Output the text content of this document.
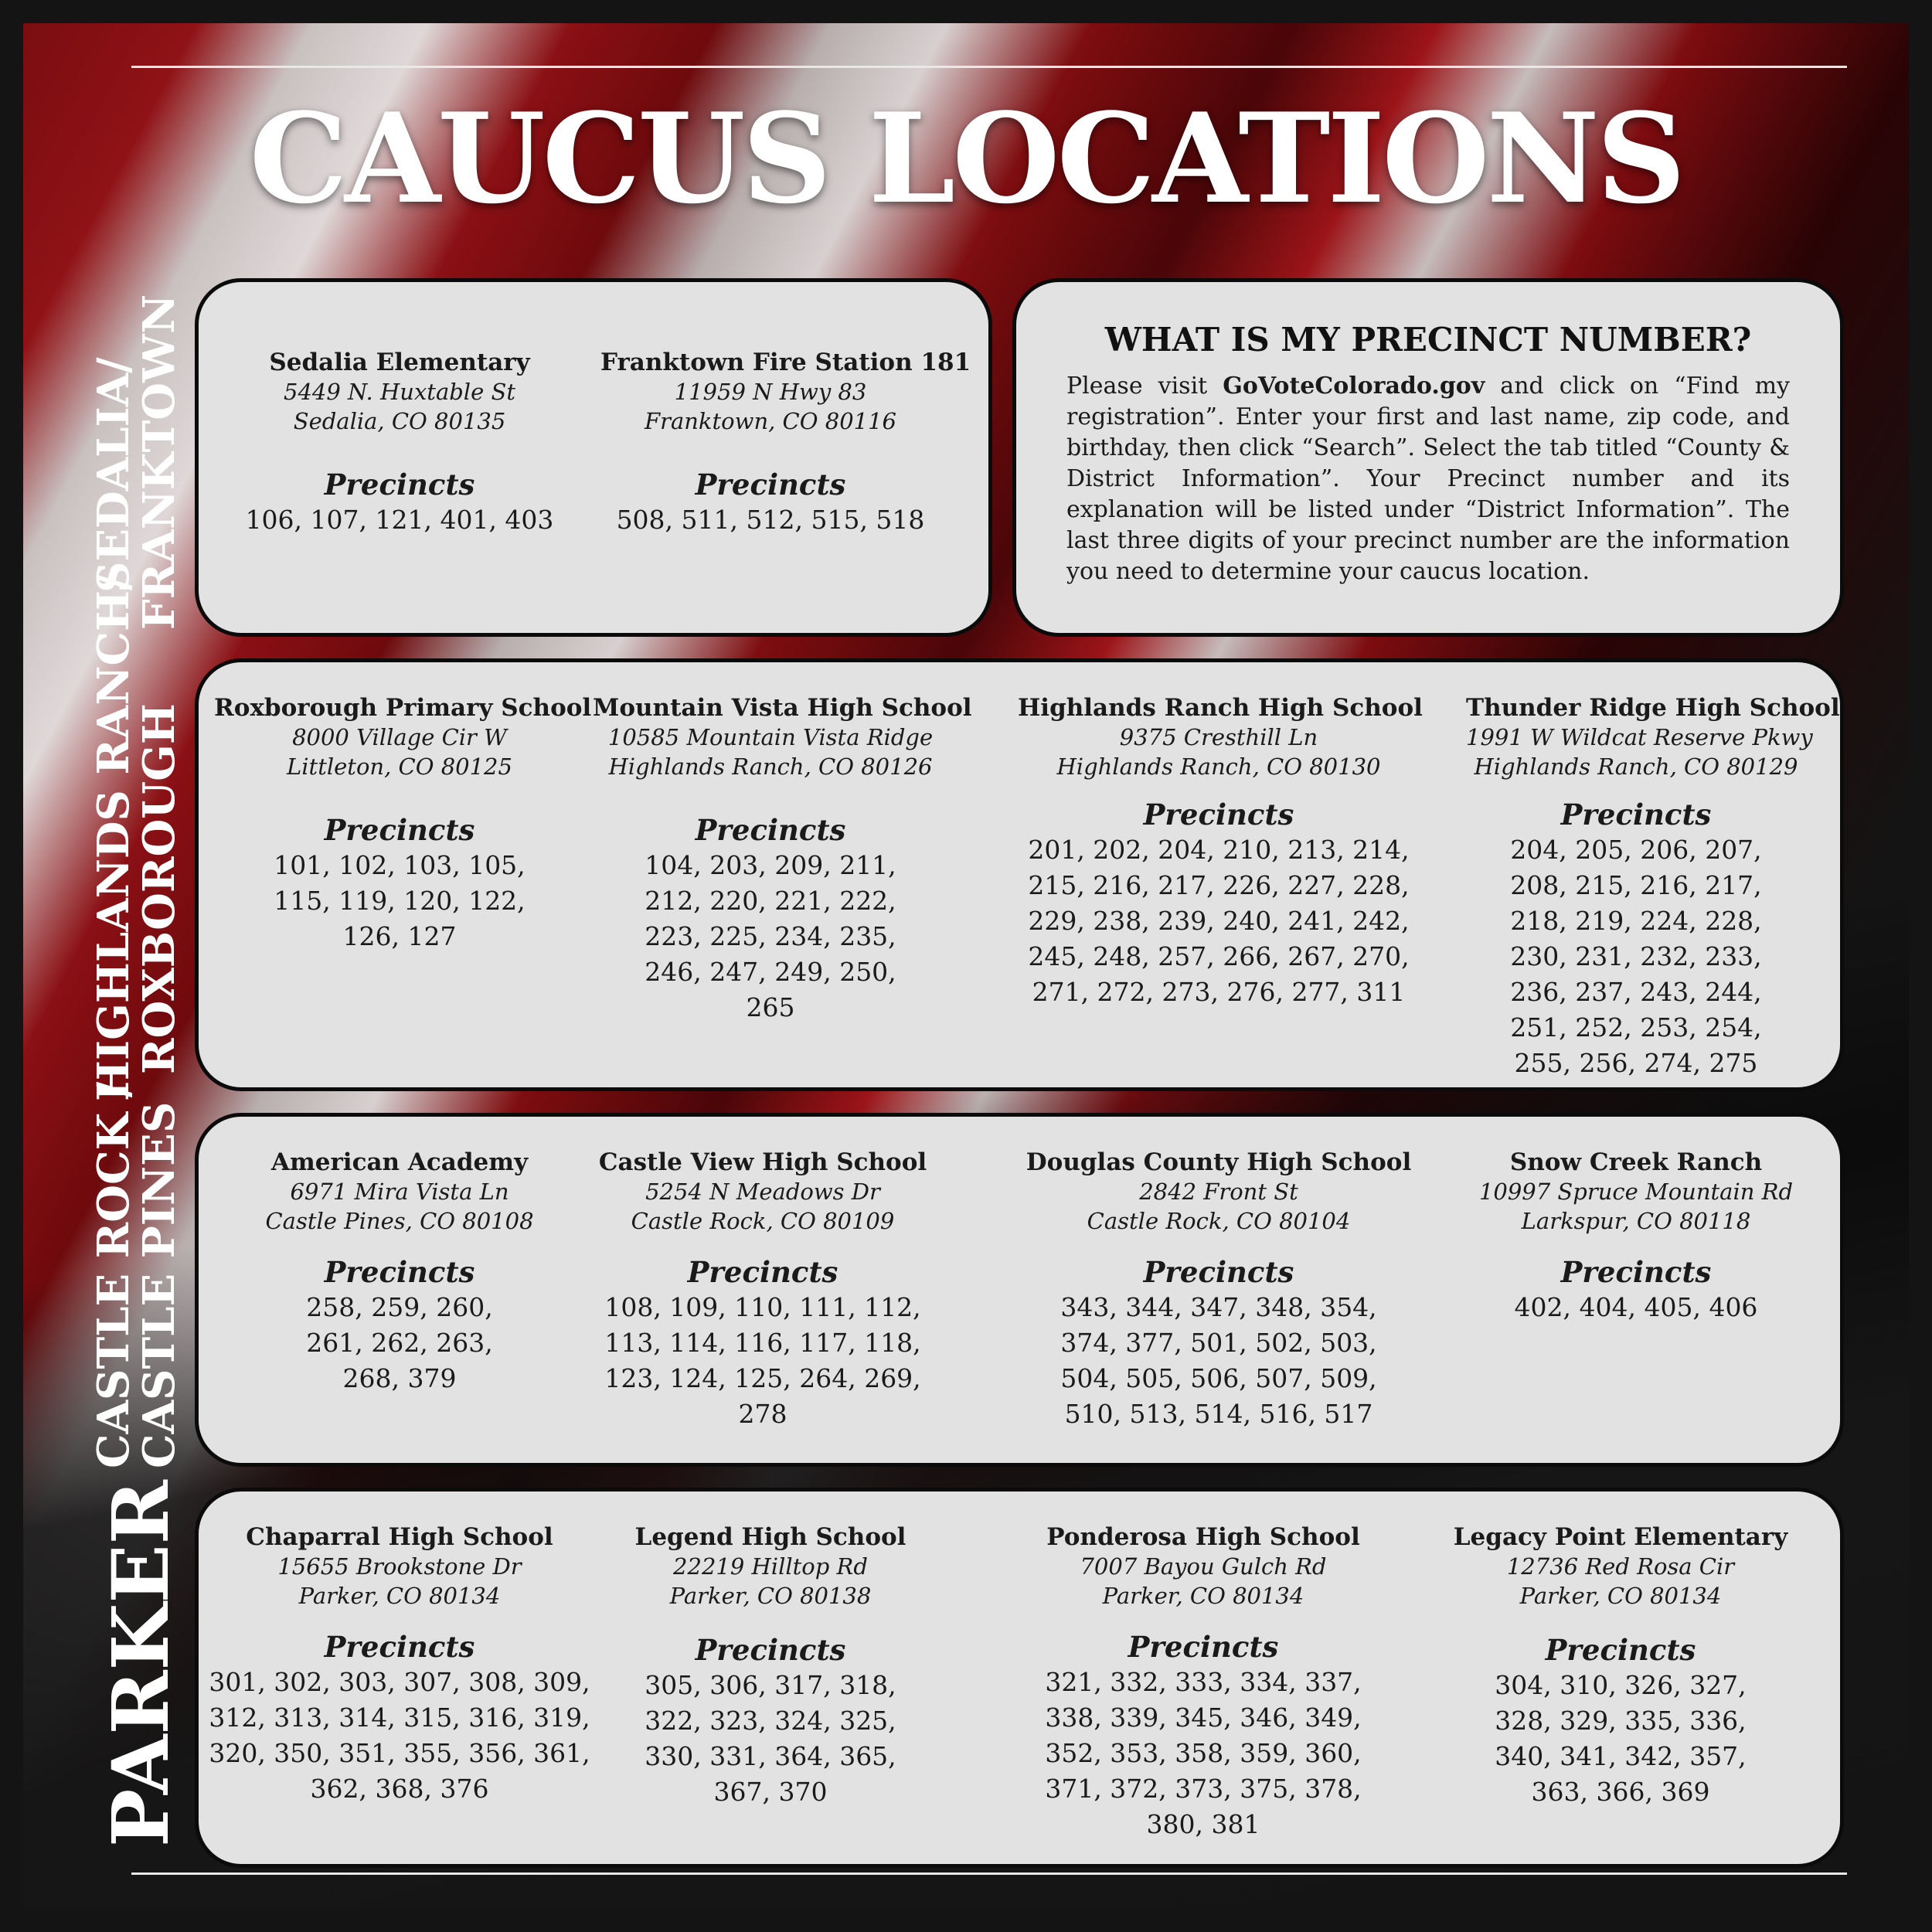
CAUCUS LOCATIONS
SEDALIA/
FRANKTOWN
HIGHLANDS RANCH/
ROXBOROUGH
CASTLE ROCK /
CASTLE PINES
PARKER
Sedalia Elementary
5449 N. Huxtable St
Sedalia, CO 80135
Precincts
106, 107, 121, 401, 403
Franktown Fire Station 181
11959 N Hwy 83
Franktown, CO 80116
Precincts
508, 511, 512, 515, 518
WHAT IS MY PRECINCT NUMBER?
Please visit GoVoteColorado.gov and click on “Find my registration”. Enter your first and last name, zip code, and birthday, then click “Search”. Select the tab titled “County & District Information”. Your Precinct number and its explanation will be listed under “District Information”. The last three digits of your precinct number are the information you need to determine your caucus location.
Roxborough Primary School
8000 Village Cir W
Littleton, CO 80125
Precincts
101, 102, 103, 105, 115, 119, 120, 122, 126, 127
Mountain Vista High School
10585 Mountain Vista Ridge
Highlands Ranch, CO 80126
Precincts
104, 203, 209, 211, 212, 220, 221, 222, 223, 225, 234, 235, 246, 247, 249, 250, 265
Highlands Ranch High School
9375 Cresthill Ln
Highlands Ranch, CO 80130
Precincts
201, 202, 204, 210, 213, 214, 215, 216, 217, 226, 227, 228, 229, 238, 239, 240, 241, 242, 245, 248, 257, 266, 267, 270, 271, 272, 273, 276, 277, 311
Thunder Ridge High School
1991 W Wildcat Reserve Pkwy
Highlands Ranch, CO 80129
Precincts
204, 205, 206, 207, 208, 215, 216, 217, 218, 219, 224, 228, 230, 231, 232, 233, 236, 237, 243, 244, 251, 252, 253, 254, 255, 256, 274, 275
American Academy
6971 Mira Vista Ln
Castle Pines, CO 80108
Precincts
258, 259, 260, 261, 262, 263, 268, 379
Castle View High School
5254 N Meadows Dr
Castle Rock, CO 80109
Precincts
108, 109, 110, 111, 112, 113, 114, 116, 117, 118, 123, 124, 125, 264, 269, 278
Douglas County High School
2842 Front St
Castle Rock, CO 80104
Precincts
343, 344, 347, 348, 354, 374, 377, 501, 502, 503, 504, 505, 506, 507, 509, 510, 513, 514, 516, 517
Snow Creek Ranch
10997 Spruce Mountain Rd
Larkspur, CO 80118
Precincts
402, 404, 405, 406
Chaparral High School
15655 Brookstone Dr
Parker, CO 80134
Precincts
301, 302, 303, 307, 308, 309, 312, 313, 314, 315, 316, 319, 320, 350, 351, 355, 356, 361, 362, 368, 376
Legend High School
22219 Hilltop Rd
Parker, CO 80138
Precincts
305, 306, 317, 318, 322, 323, 324, 325, 330, 331, 364, 365, 367, 370
Ponderosa High School
7007 Bayou Gulch Rd
Parker, CO 80134
Precincts
321, 332, 333, 334, 337, 338, 339, 345, 346, 349, 352, 353, 358, 359, 360, 371, 372, 373, 375, 378, 380, 381
Legacy Point Elementary
12736 Red Rosa Cir
Parker, CO 80134
Precincts
304, 310, 326, 327, 328, 329, 335, 336, 340, 341, 342, 357, 363, 366, 369
